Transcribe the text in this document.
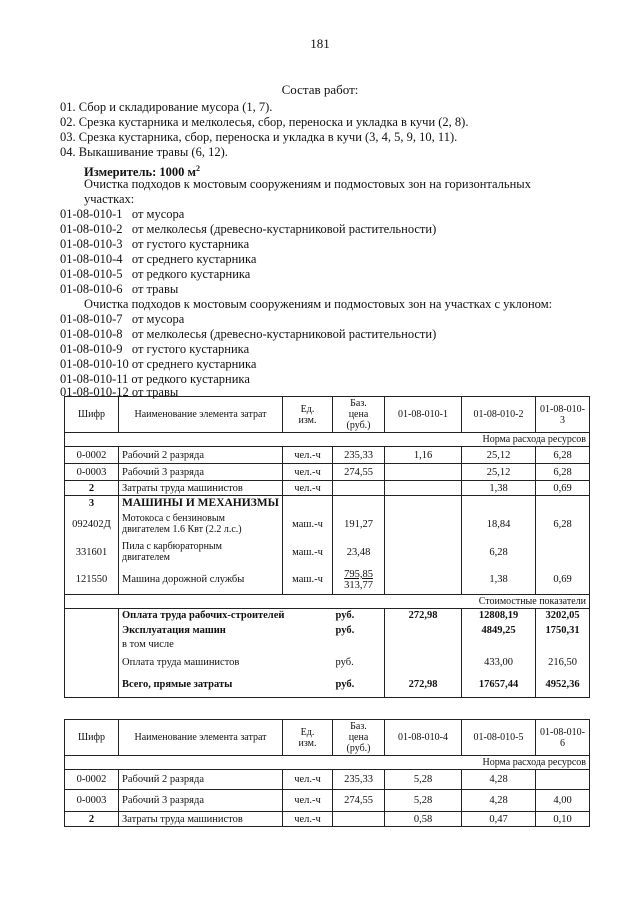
181
Состав работ:
01. Сбор и складирование мусора (1, 7).
02. Срезка кустарника и мелколесья, сбор, переноска и укладка в кучи (2, 8).
03. Срезка кустарника, сбор, переноска и укладка в кучи (3, 4, 5, 9, 10, 11).
04. Выкашивание травы (6, 12).
Измеритель: 1000 $м^2$
Очистка подходов к мостовым сооружениям и подмостовых зон на горизонтальных
участках:
01-08-010-1   от мусора
01-08-010-2   от мелколесья (древесно-кустарниковой растительности)
01-08-010-3   от густого кустарника
01-08-010-4   от среднего кустарника
01-08-010-5   от редкого кустарника
01-08-010-6   от травы
Очистка подходов к мостовым сооружениям и подмостовых зон на участках с уклоном:
01-08-010-7   от мусора
01-08-010-8   от мелколесья (древесно-кустарниковой растительности)
01-08-010-9   от густого кустарника
01-08-010-10 от среднего кустарника
01-08-010-11 от редкого кустарника
01-08-010-12 от травы
Шифр	Наименование элемента затрат	Ед.
изм.	Баз.
цена
(руб.)	01-08-010-1	01-08-010-2	01-08-010-3
Норма расхода ресурсов						
0-0002	Рабочий 2 разряда	чел.-ч	235,33	1,16	25,12	6,28
0-0003	Рабочий 3 разряда	чел.-ч	274,55		25,12	6,28
2	Затраты труда машинистов	чел.-ч			1,38	0,69
3	МАШИНЫ И МЕХАНИЗМЫ					
092402Д	Мотокоса с бензиновым
двигателем 1.6 Квт (2.2 л.с.)	маш.-ч	191,27		18,84	6,28
331601	Пила с карбюраторным
двигателем	маш.-ч	23,48		6,28	
121550	Машина дорожной службы	маш.-ч	795,85
313,77		1,38	0,69
Стоимостные показатели						
	Оплата труда рабочих-строителей		руб.	272,98	12808,19	3202,05
	Эксплуатация машин		руб.		4849,25	1750,31
	в том числе					
	Оплата труда машинистов		руб.		433,00	216,50
	Всего, прямые затраты		руб.	272,98	17657,44	4952,36
Шифр	Наименование элемента затрат	Ед.
изм.	Баз.
цена
(руб.)	01-08-010-4	01-08-010-5	01-08-010-6
Норма расхода ресурсов						
0-0002	Рабочий 2 разряда	чел.-ч	235,33	5,28	4,28	
0-0003	Рабочий 3 разряда	чел.-ч	274,55	5,28	4,28	4,00
2	Затраты труда машинистов	чел.-ч		0,58	0,47	0,10
